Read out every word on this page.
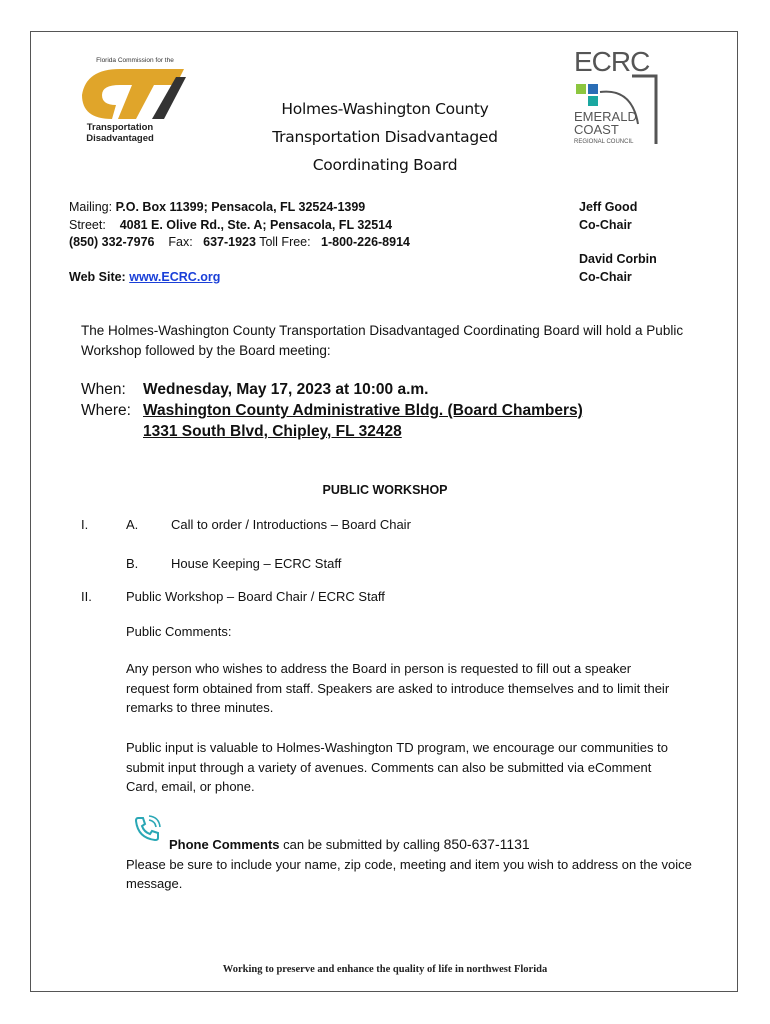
Florida Commission for the
Transportation
Disadvantaged
ECRC
EMERALD
COAST
REGIONAL COUNCIL
Holmes-Washington County
Transportation Disadvantaged
Coordinating Board
Mailing: P.O. Box 11399; Pensacola, FL 32524-1399
Street: 4081 E. Olive Rd., Ste. A; Pensacola, FL 32514
(850) 332-7976 Fax: 637-1923 Toll Free: 1-800-226-8914
Web Site: www.ECRC.org
Jeff Good
Co-Chair
David Corbin
Co-Chair
The Holmes-Washington County Transportation Disadvantaged Coordinating Board will hold a Public Workshop followed by the Board meeting:
When: Wednesday, May 17, 2023 at 10:00 a.m.
Where: Washington County Administrative Bldg. (Board Chambers)
1331 South Blvd, Chipley, FL 32428
PUBLIC WORKSHOP
I.	A.	Call to order / Introductions – Board Chair
B.	House Keeping – ECRC Staff
II.	Public Workshop – Board Chair / ECRC Staff
Public Comments:
Any person who wishes to address the Board in person is requested to fill out a speaker request form obtained from staff. Speakers are asked to introduce themselves and to limit their remarks to three minutes.
Public input is valuable to Holmes-Washington TD program, we encourage our communities to submit input through a variety of avenues. Comments can also be submitted via eComment Card, email, or phone.
Phone Comments can be submitted by calling 850-637-1131
Please be sure to include your name, zip code, meeting and item you wish to address on the voice message.
Working to preserve and enhance the quality of life in northwest Florida
